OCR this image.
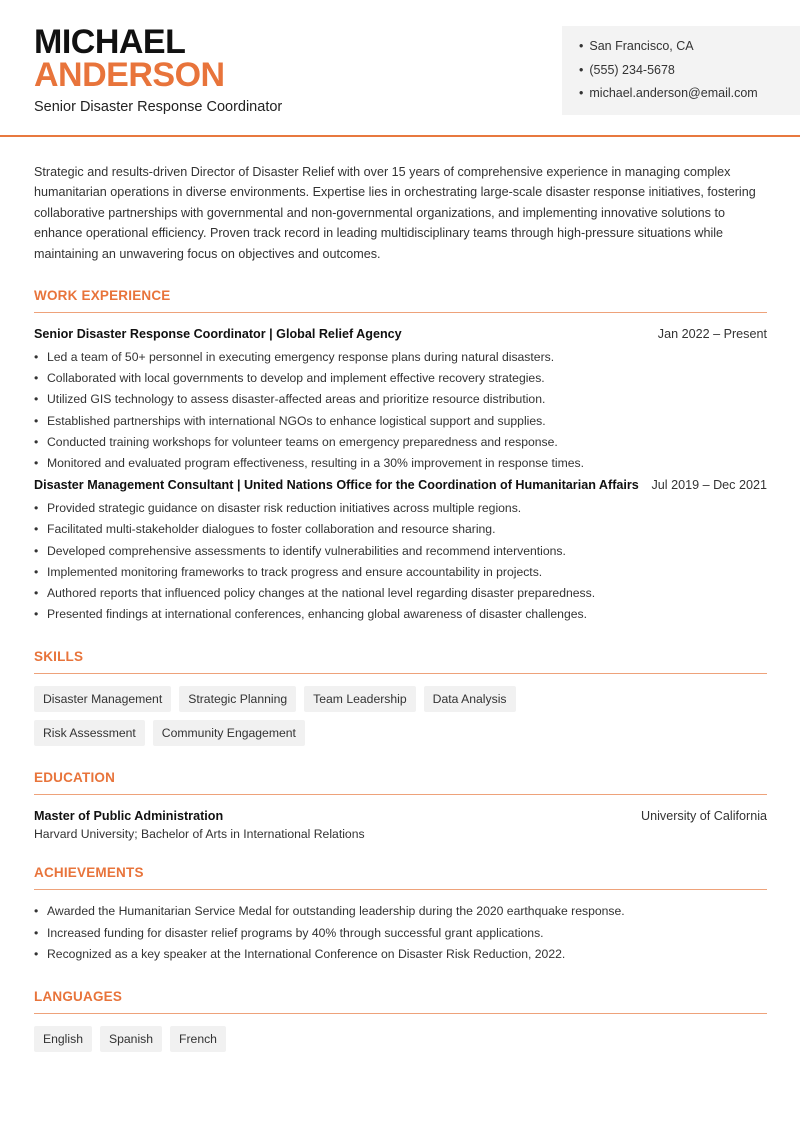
MICHAEL
ANDERSON
Senior Disaster Response Coordinator
• San Francisco, CA
• (555) 234-5678
• michael.anderson@email.com

Strategic and results-driven Director of Disaster Relief with over 15 years of comprehensive experience in managing complex humanitarian operations in diverse environments. Expertise lies in orchestrating large-scale disaster response initiatives, fostering collaborative partnerships with governmental and non-governmental organizations, and implementing innovative solutions to enhance operational efficiency. Proven track record in leading multidisciplinary teams through high-pressure situations while maintaining an unwavering focus on objectives and outcomes.

WORK EXPERIENCE
Senior Disaster Response Coordinator | Global Relief Agency	Jan 2022 – Present
• Led a team of 50+ personnel in executing emergency response plans during natural disasters.
• Collaborated with local governments to develop and implement effective recovery strategies.
• Utilized GIS technology to assess disaster-affected areas and prioritize resource distribution.
• Established partnerships with international NGOs to enhance logistical support and supplies.
• Conducted training workshops for volunteer teams on emergency preparedness and response.
• Monitored and evaluated program effectiveness, resulting in a 30% improvement in response times.
Disaster Management Consultant | United Nations Office for the Coordination of Humanitarian Affairs Jul 2019 – Dec 2021
• Provided strategic guidance on disaster risk reduction initiatives across multiple regions.
• Facilitated multi-stakeholder dialogues to foster collaboration and resource sharing.
• Developed comprehensive assessments to identify vulnerabilities and recommend interventions.
• Implemented monitoring frameworks to track progress and ensure accountability in projects.
• Authored reports that influenced policy changes at the national level regarding disaster preparedness.
• Presented findings at international conferences, enhancing global awareness of disaster challenges.
SKILLS
Disaster Management	Strategic Planning	Team Leadership	Data Analysis
Risk Assessment	Community Engagement
EDUCATION
Master of Public Administration	University of California
Harvard University; Bachelor of Arts in International Relations
ACHIEVEMENTS
• Awarded the Humanitarian Service Medal for outstanding leadership during the 2020 earthquake response.
• Increased funding for disaster relief programs by 40% through successful grant applications.
• Recognized as a key speaker at the International Conference on Disaster Risk Reduction, 2022.
LANGUAGES
English	Spanish	French
